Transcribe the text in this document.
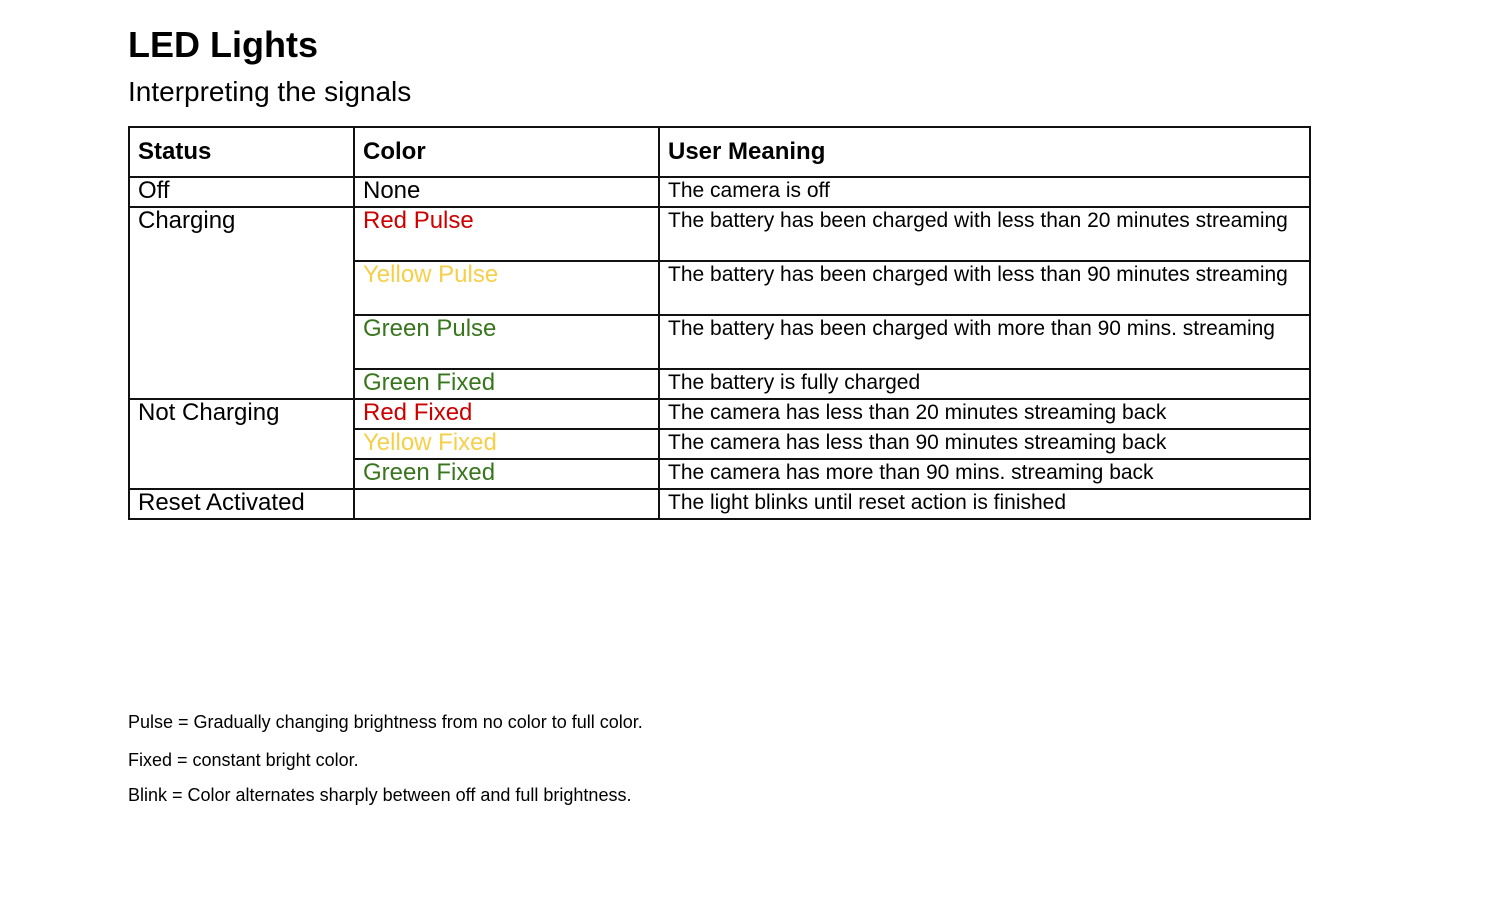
LED Lights
Interpreting the signals
Status	Color	User Meaning
Off	None	The camera is off
Charging	Red Pulse	The battery has been charged with less than 20 minutes streaming
	Yellow Pulse	The battery has been charged with less than 90 minutes streaming
	Green Pulse	The battery has been charged with more than 90 mins. streaming
	Green Fixed	The battery is fully charged
Not Charging	Red Fixed	The camera has less than 20 minutes streaming back
	Yellow Fixed	The camera has less than 90 minutes streaming back
	Green Fixed	The camera has more than 90 mins. streaming back
Reset Activated		The light blinks until reset action is finished

Pulse = Gradually changing brightness from no color to full color.

Fixed = constant bright color.

Blink = Color alternates sharply between off and full brightness.
